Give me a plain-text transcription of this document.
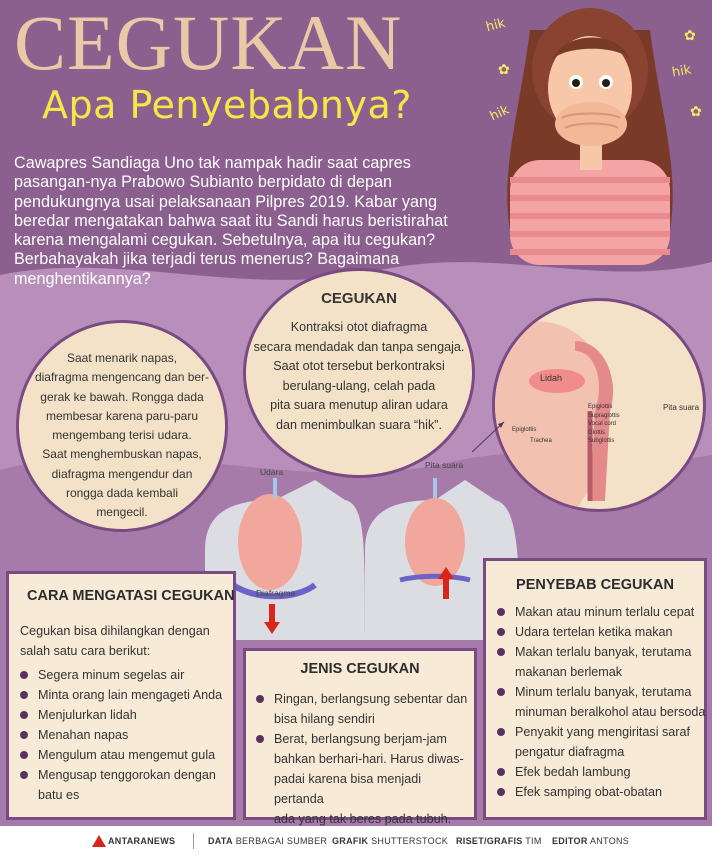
hik
hik
hik
✿
✿
✿
CEGUKAN
Apa Penyebabnya?
Cawapres Sandiaga Uno tak nampak hadir saat capres pasangan-nya Prabowo Subianto berpidato di depan pendukungnya usai pelaksanaan Pilpres 2019. Kabar yang beredar mengatakan bahwa saat itu Sandi harus beristirahat karena mengalami cegukan. Sebetulnya, apa itu cegukan? Berbahayakah jika terjadi terus menerus? Bagaimana menghentikannya?
Saat menarik napas,
diafragma mengencang dan ber-
gerak ke bawah. Rongga dada
membesar karena paru-paru
mengembang terisi udara.
Saat menghembuskan napas,
diafragma mengendur dan
rongga dada kembali
mengecil.
CEGUKAN
Kontraksi otot diafragma
secara mendadak dan tanpa sengaja.
Saat otot tersebut berkontraksi
berulang-ulang, celah pada
pita suara menutup aliran udara
dan menimbulkan suara “hik”.
Lidah
Epiglottis
Supraglottis
Vocal cord
Glottis
Subglottis
Epiglottis
Trachea
Pita suara
Udara
Diafragma
Pita suara
CARA MENGATASI CEGUKAN
Cegukan bisa dihilangkan dengan
salah satu cara berikut:
Segera minum segelas air
Minta orang lain mengageti Anda
Menjulurkan lidah
Menahan napas
Mengulum atau mengemut gula
Mengusap tenggorokan dengan
batu es
JENIS CEGUKAN
Ringan, berlangsung sebentar dan
bisa hilang sendiri
Berat, berlangsung berjam-jam
bahkan berhari-hari. Harus diwas-
padai karena bisa menjadi pertanda
ada yang tak beres pada tubuh.
PENYEBAB CEGUKAN
Makan atau minum terlalu cepat
Udara tertelan ketika makan
Makan terlalu banyak, terutama
makanan berlemak
Minum terlalu banyak, terutama
minuman beralkohol atau bersoda
Penyakit yang mengiritasi saraf
pengatur diafragma
Efek bedah lambung
Efek samping obat-obatan
ANTARANEWS	DATA BERBAGAI SUMBER GRAFIK SHUTTERSTOCK RISET/GRAFIS TIM EDITOR ANTONS
